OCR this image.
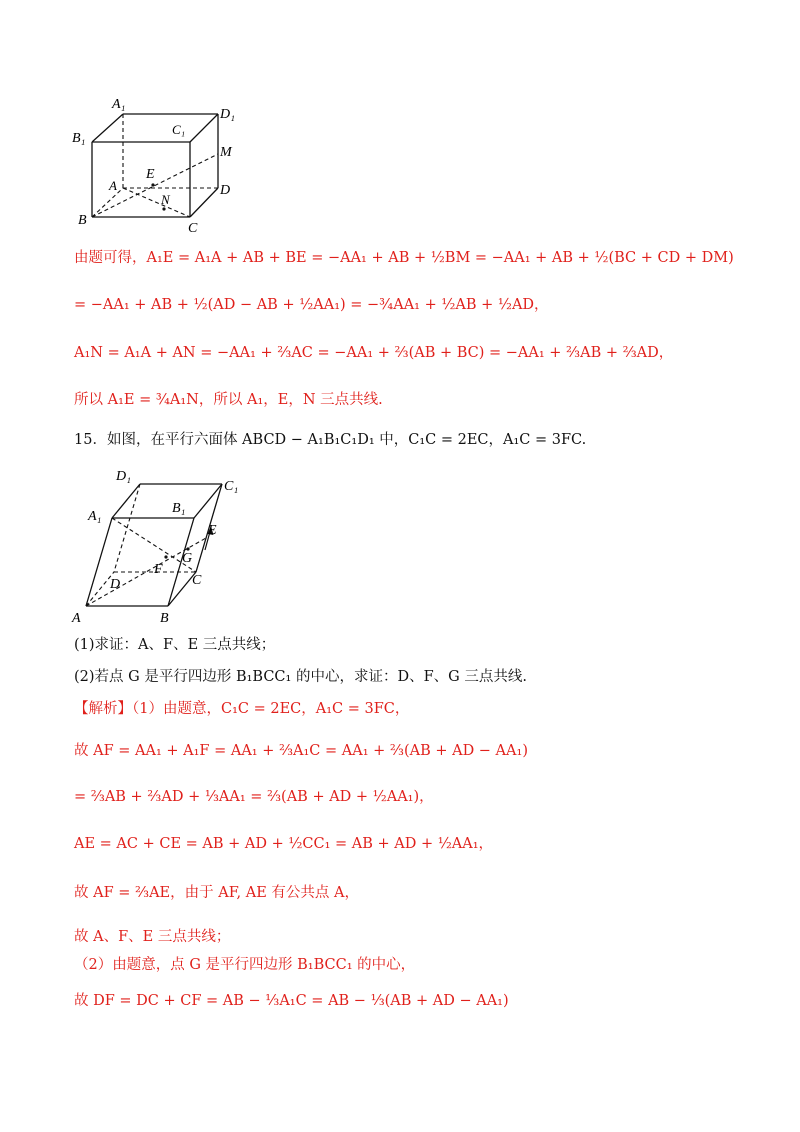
A₁
D₁
B₁
C₁
M
E
A	D
N
B
C
由题可得，A₁E = A₁A + AB + BE = −AA₁ + AB + ½BM = −AA₁ + AB + ½(BC + CD + DM)
= −AA₁ + AB + ½(AD − AB + ½AA₁) = −¾AA₁ + ½AB + ½AD，
A₁N = A₁A + AN = −AA₁ + ⅔AC = −AA₁ + ⅔(AB + BC) = −AA₁ + ⅔AB + ⅔AD，
所以 A₁E = ¾A₁N，所以 A₁，E，N 三点共线.
15．如图，在平行六面体 ABCD − A₁B₁C₁D₁ 中，C₁C = 2EC，A₁C = 3FC.
D₁
C₁
A₁
B₁
E
G
F
D	C
A	B
(1)求证：A、F、E 三点共线；
(2)若点 G 是平行四边形 B₁BCC₁ 的中心，求证：D、F、G 三点共线.
【解析】（1）由题意，C₁C = 2EC，A₁C = 3FC，
故 AF = AA₁ + A₁F = AA₁ + ⅔A₁C = AA₁ + ⅔(AB + AD − AA₁)
= ⅔AB + ⅔AD + ⅓AA₁ = ⅔(AB + AD + ½AA₁)，
AE = AC + CE = AB + AD + ½CC₁ = AB + AD + ½AA₁，
故 AF = ⅔AE，由于 AF, AE 有公共点 A，
故 A、F、E 三点共线；
（2）由题意，点 G 是平行四边形 B₁BCC₁ 的中心，
故 DF = DC + CF = AB − ⅓A₁C = AB − ⅓(AB + AD − AA₁)
